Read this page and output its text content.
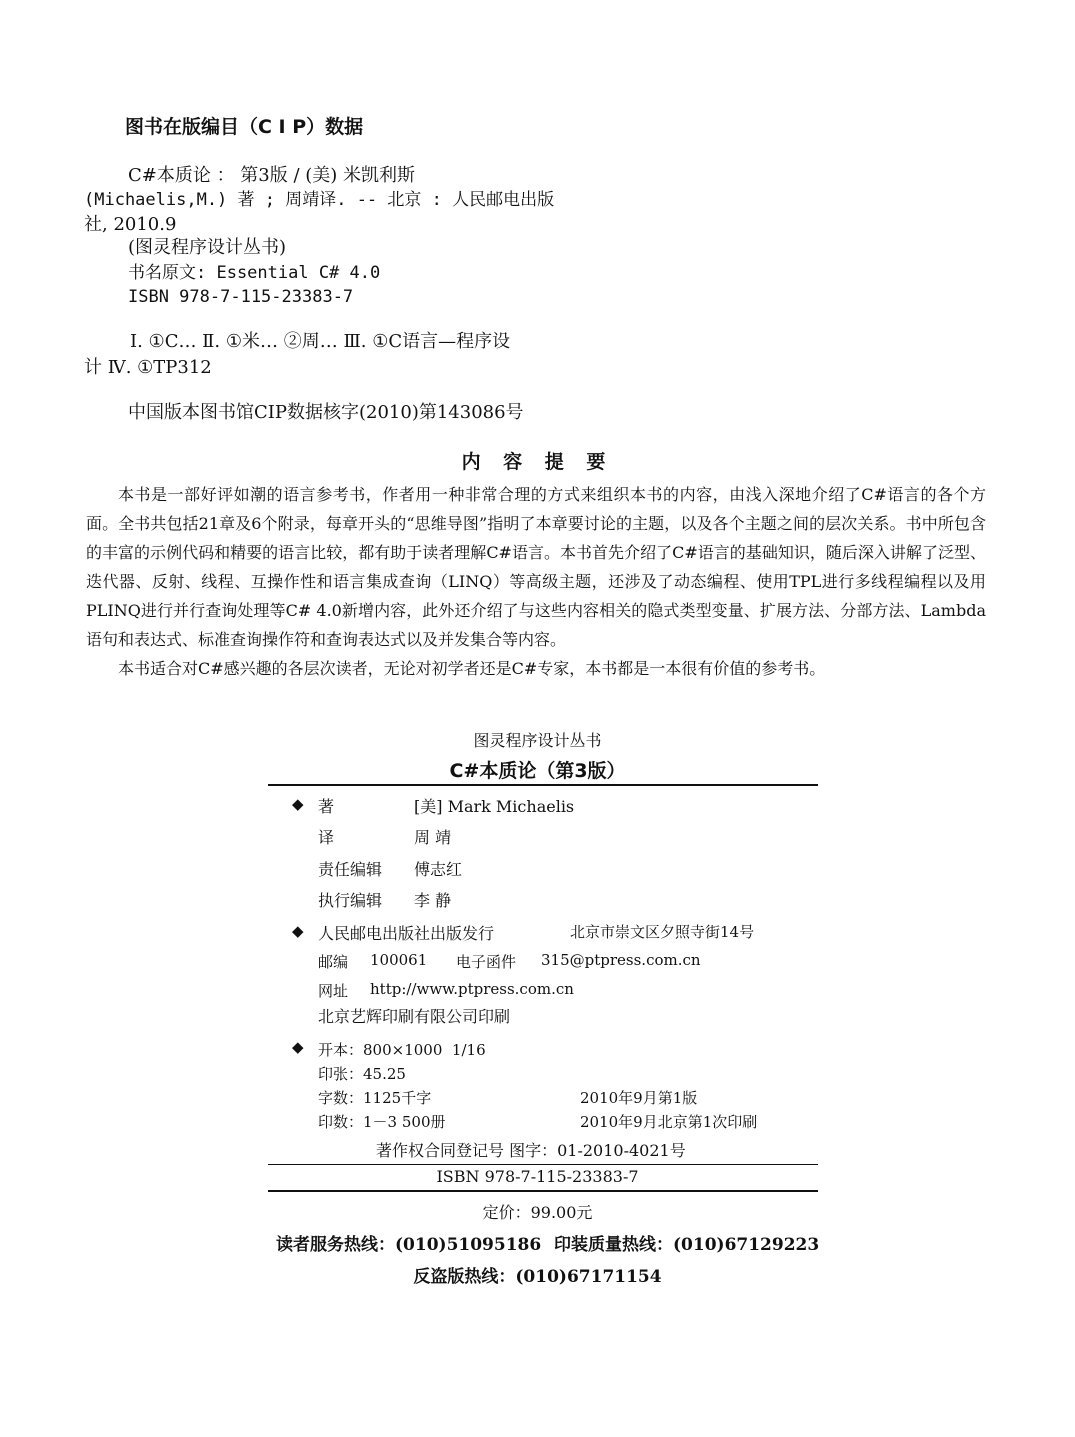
图书在版编目（C I P）数据
C#本质论 ： 第3版 / (美) 米凯利斯
(Michaelis,M.) 著 ; 周靖译. -- 北京 : 人民邮电出版
社, 2010.9
(图灵程序设计丛书)
书名原文: Essential C# 4.0
ISBN 978-7-115-23383-7
Ⅰ. ①C… Ⅱ. ①米… ②周… Ⅲ. ①C语言—程序设
计 Ⅳ. ①TP312
中国版本图书馆CIP数据核字(2010)第143086号
内 容 提 要

本书是一部好评如潮的语言参考书，作者用一种非常合理的方式来组织本书的内容，由浅入深地介绍了C#语言的各个方面。全书共包括21章及6个附录，每章开头的“思维导图”指明了本章要讨论的主题，以及各个主题之间的层次关系。书中所包含的丰富的示例代码和精要的语言比较，都有助于读者理解C#语言。本书首先介绍了C#语言的基础知识，随后深入讲解了泛型、迭代器、反射、线程、互操作性和语言集成查询（LINQ）等高级主题，还涉及了动态编程、使用TPL进行多线程编程以及用PLINQ进行并行查询处理等C# 4.0新增内容，此外还介绍了与这些内容相关的隐式类型变量、扩展方法、分部方法、Lambda语句和表达式、标准查询操作符和查询表达式以及并发集合等内容。

本书适合对C#感兴趣的各层次读者，无论对初学者还是C#专家，本书都是一本很有价值的参考书。

图灵程序设计丛书
C#本质论（第3版）
◆ 著	[美] Mark Michaelis
译	周 靖
责任编辑 傅志红
执行编辑 李 静
◆ 人民邮电出版社出版发行	北京市崇文区夕照寺街14号
邮编 100061 电子函件 315@ptpress.com.cn
网址 http://www.ptpress.com.cn
北京艺辉印刷有限公司印刷
◆ 开本：800×1000  1/16
印张：45.25
字数：1125千字	2010年9月第1版
印数：1－3 500册	2010年9月北京第1次印刷
著作权合同登记号 图字：01-2010-4021号
ISBN 978-7-115-23383-7
定价：99.00元
读者服务热线：(010)51095186 印装质量热线：(010)67129223
反盗版热线：(010)67171154
